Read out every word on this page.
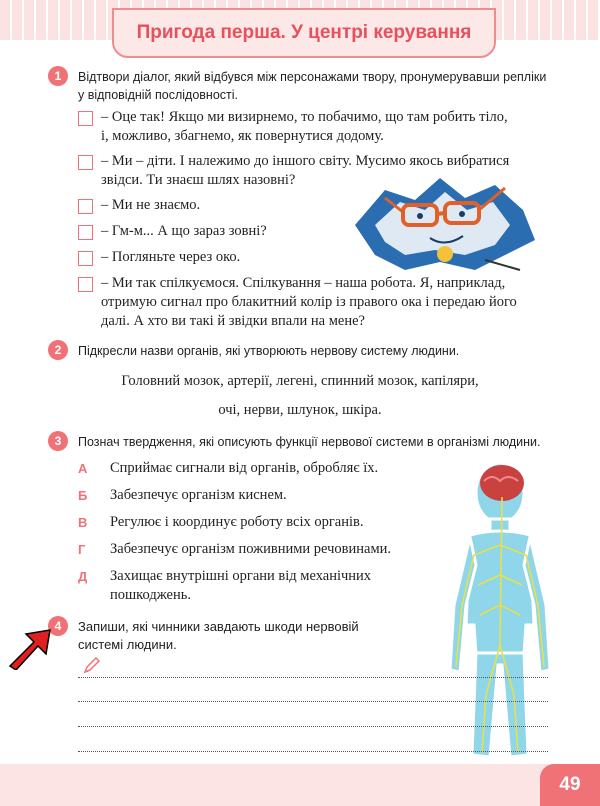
Пригода перша. У центрі керування
1	Відтвори діалог, який відбувся між персонажами твору, пронумерувавши репліки
у відповідній послідовності.
– Оце так! Якщо ми визирнемо, то побачимо, що там робить тіло,
і, можливо, збагнемо, як повернутися додому.
– Ми – діти. І належимо до іншого світу. Мусимо якось вибратися
звідси. Ти знаєш шлях назовні?
– Ми не знаємо.
– Гм-м... А що зараз зовні?
– Погляньте через око.
– Ми так спілкуємося. Спілкування – наша робота. Я, наприклад,
отримую сигнал про блакитний колір із правого ока і передаю його
далі. А хто ви такі й звідки впали на мене?
2	Підкресли назви органів, які утворюють нервову систему людини.
Головний мозок, артерії, легені, спинний мозок, капіляри,
очі, нерви, шлунок, шкіра.
3	Познач твердження, які описують функції нервової системи в організмі людини.
А	Сприймає сигнали від органів, обробляє їх.
Б	Забезпечує організм киснем.
В	Регулює і координує роботу всіх органів.
Г	Забезпечує організм поживними речовинами.
Д	Захищає внутрішні органи від механічних
пошкоджень.
4	Запиши, які чинники завдають шкоди нервовій
системі людини.
49
